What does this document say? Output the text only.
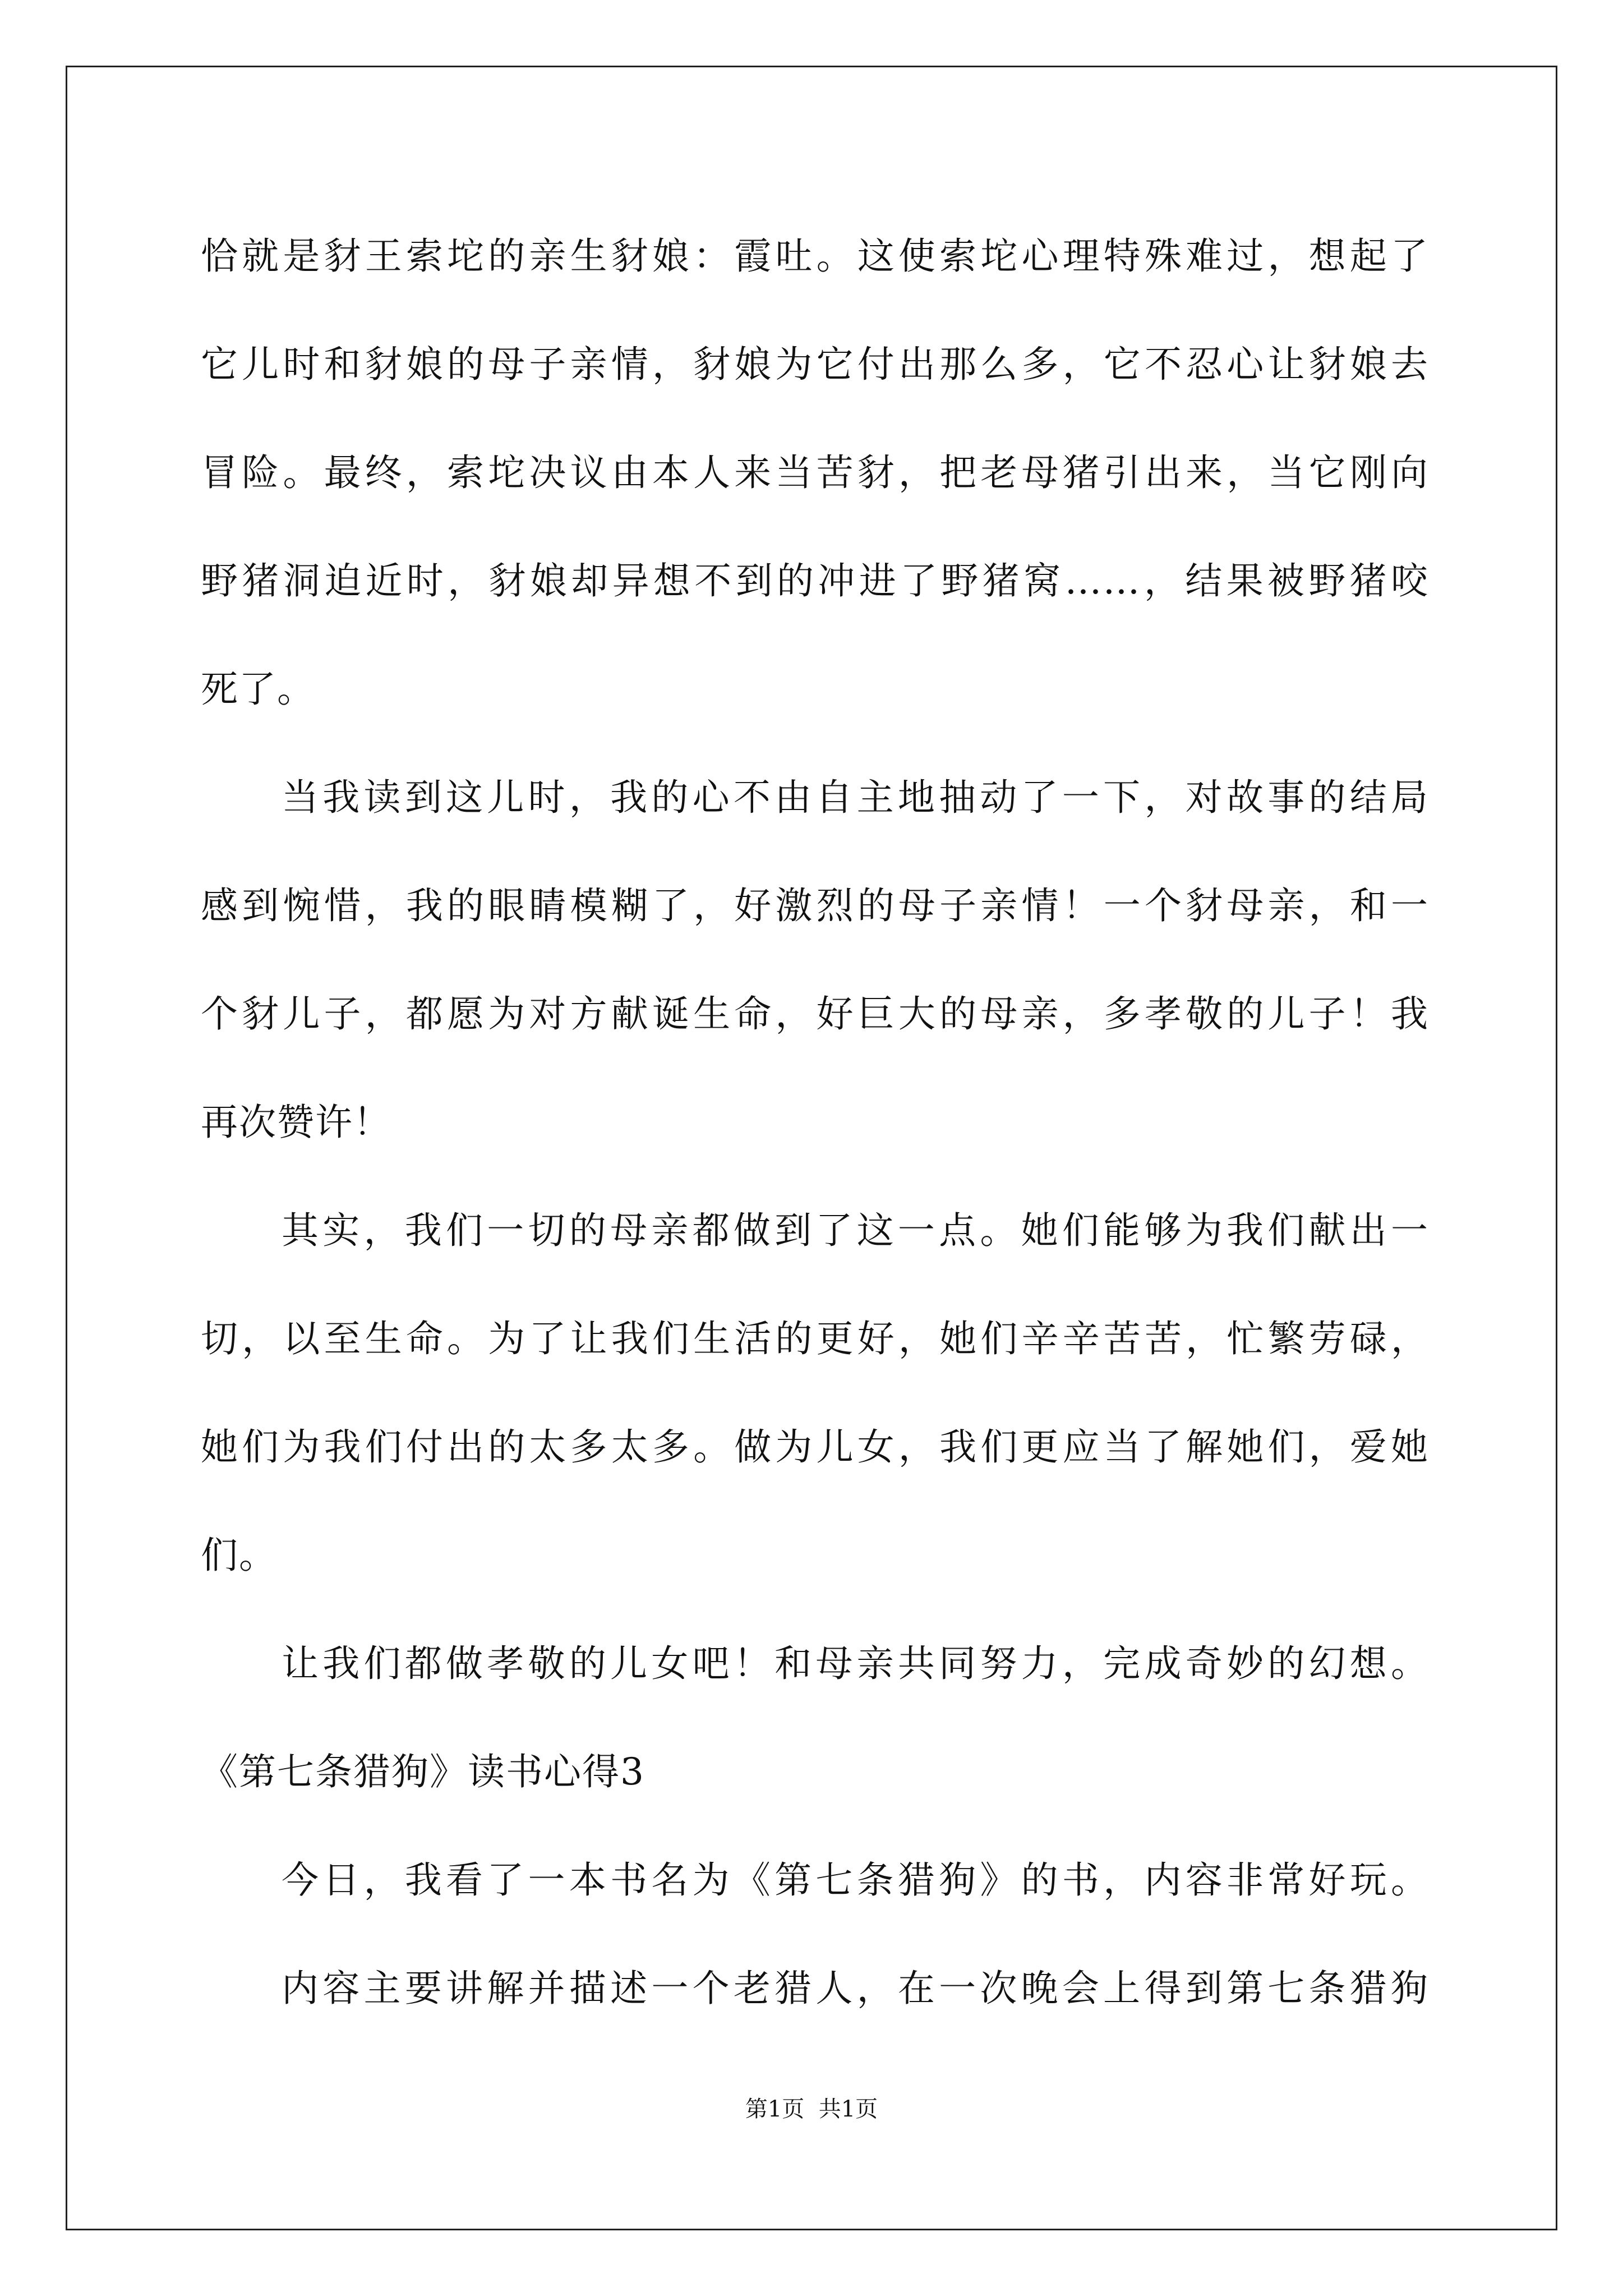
恰就是豺王索坨的亲生豺娘：霞吐。这使索坨心理特殊难过，想起了
它儿时和豺娘的母子亲情，豺娘为它付出那么多，它不忍心让豺娘去
冒险。最终，索坨决议由本人来当苦豺，把老母猪引出来，当它刚向
野猪洞迫近时，豺娘却异想不到的冲进了野猪窝……，结果被野猪咬
死了。
当我读到这儿时，我的心不由自主地抽动了一下，对故事的结局
感到惋惜，我的眼睛模糊了，好激烈的母子亲情！一个豺母亲，和一
个豺儿子，都愿为对方献诞生命，好巨大的母亲，多孝敬的儿子！我
再次赞许！
其实，我们一切的母亲都做到了这一点。她们能够为我们献出一
切，以至生命。为了让我们生活的更好，她们辛辛苦苦，忙繁劳碌，
她们为我们付出的太多太多。做为儿女，我们更应当了解她们，爱她
们。
让我们都做孝敬的儿女吧！和母亲共同努力，完成奇妙的幻想。
《第七条猎狗》读书心得3
今日，我看了一本书名为《第七条猎狗》的书，内容非常好玩。
内容主要讲解并描述一个老猎人，在一次晚会上得到第七条猎狗
第1页  共1页
